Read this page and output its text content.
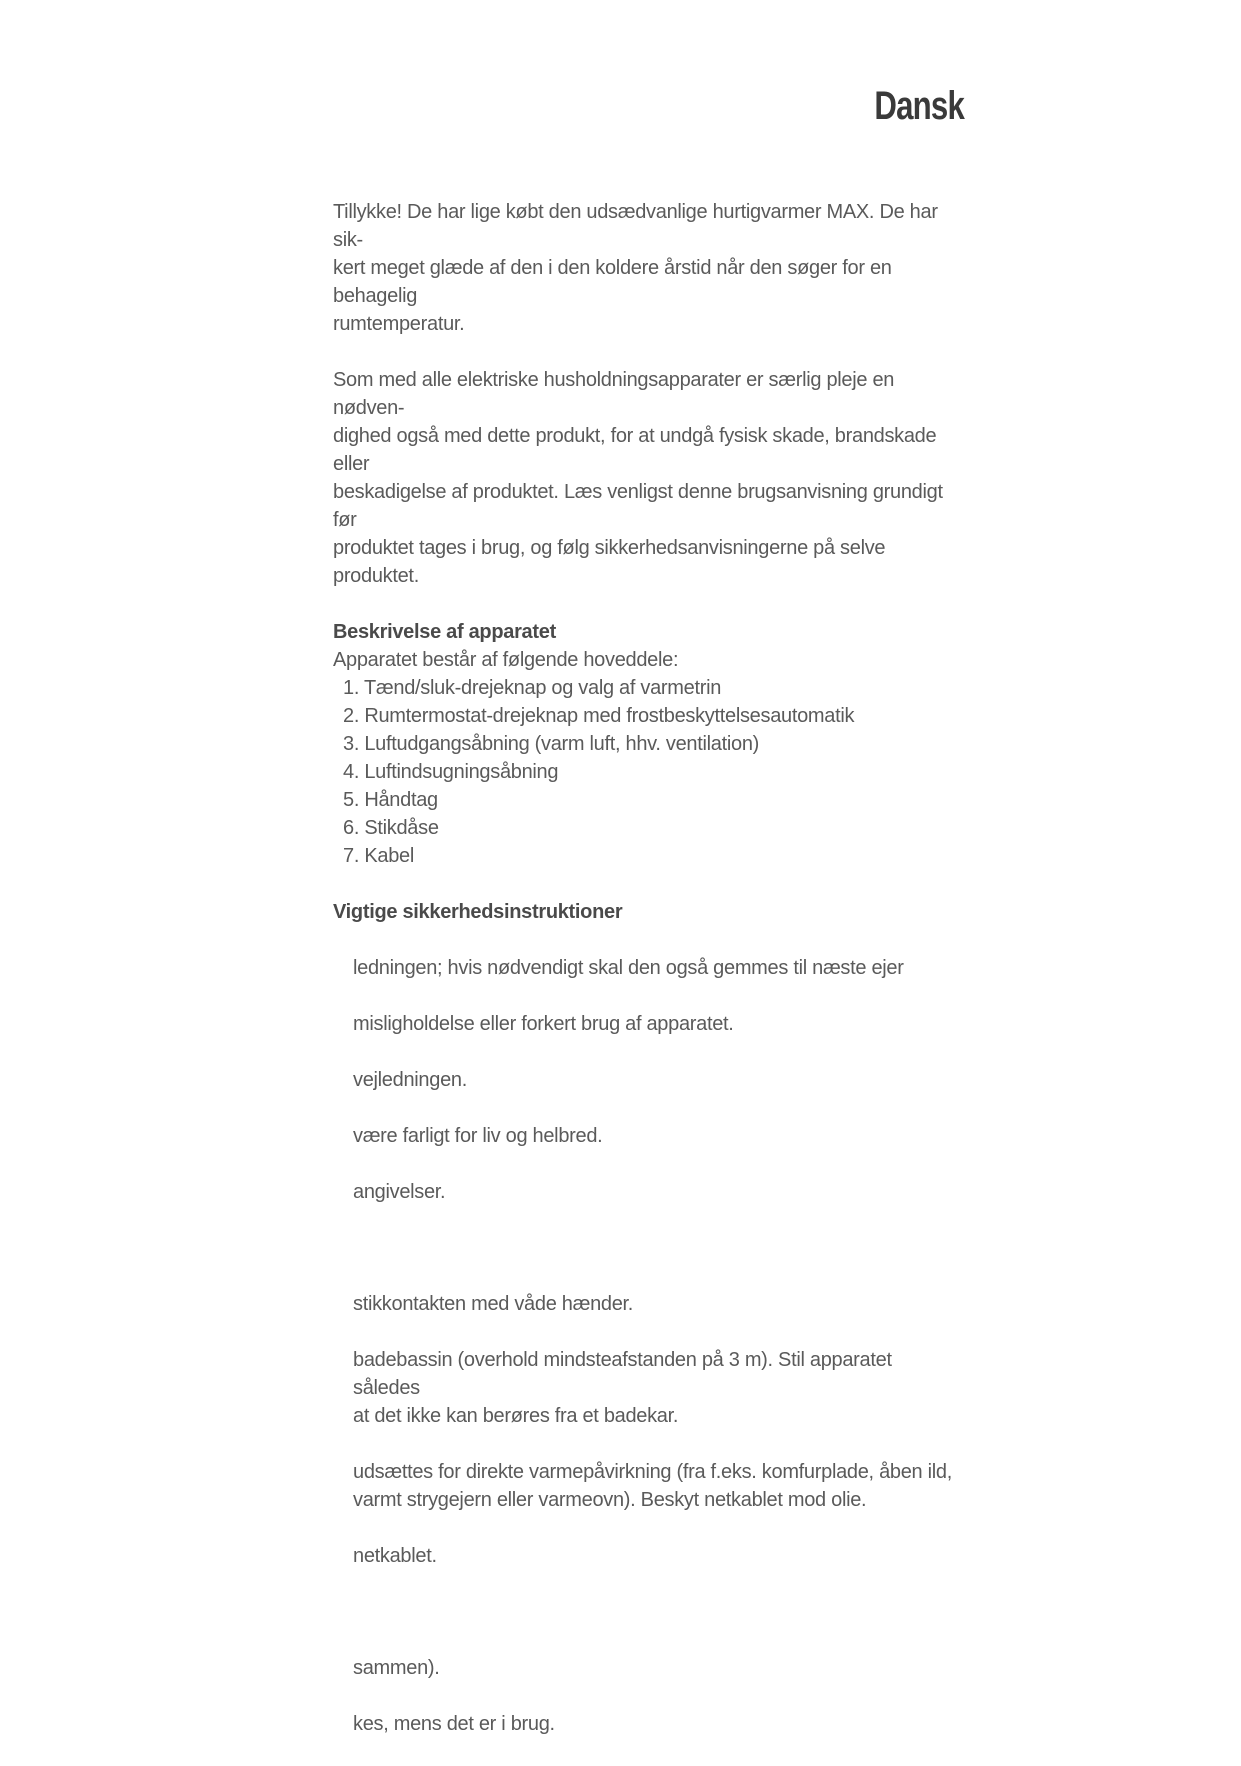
Dansk

Tillykke! De har lige købt den udsædvanlige hurtigvarmer MAX. De har sik-
kert meget glæde af den i den koldere årstid når den søger for en behagelig
rumtemperatur.

Som med alle elektriske husholdningsapparater er særlig pleje en nødven-
dighed også med dette produkt, for at undgå fysisk skade, brandskade eller
beskadigelse af produktet. Læs venligst denne brugsanvisning grundigt før
produktet tages i brug, og følg sikkerhedsanvisningerne på selve produktet.

Beskrivelse af apparatet

Apparatet består af følgende hoveddele:

1. Tænd/sluk-drejeknap og valg af varmetrin
2. Rumtermostat-drejeknap med frostbeskyttelsesautomatik
3. Luftudgangsåbning (varm luft, hhv. ventilation)
4. Luftindsugningsåbning
5. Håndtag
6. Stikdåse
7. Kabel
Vigtige sikkerhedsinstruktioner

ledningen; hvis nødvendigt skal den også gemmes til næste ejer

misligholdelse eller forkert brug af apparatet.

vejledningen.

være farligt for liv og helbred.

angivelser.

stikkontakten med våde hænder.

badebassin (overhold mindsteafstanden på 3 m). Stil apparatet således
at det ikke kan berøres fra et badekar.

udsættes for direkte varmepåvirkning (fra f.eks. komfurplade, åben ild,
varmt strygejern eller varmeovn). Beskyt netkablet mod olie.

netkablet.

sammen).

kes, mens det er i brug.
